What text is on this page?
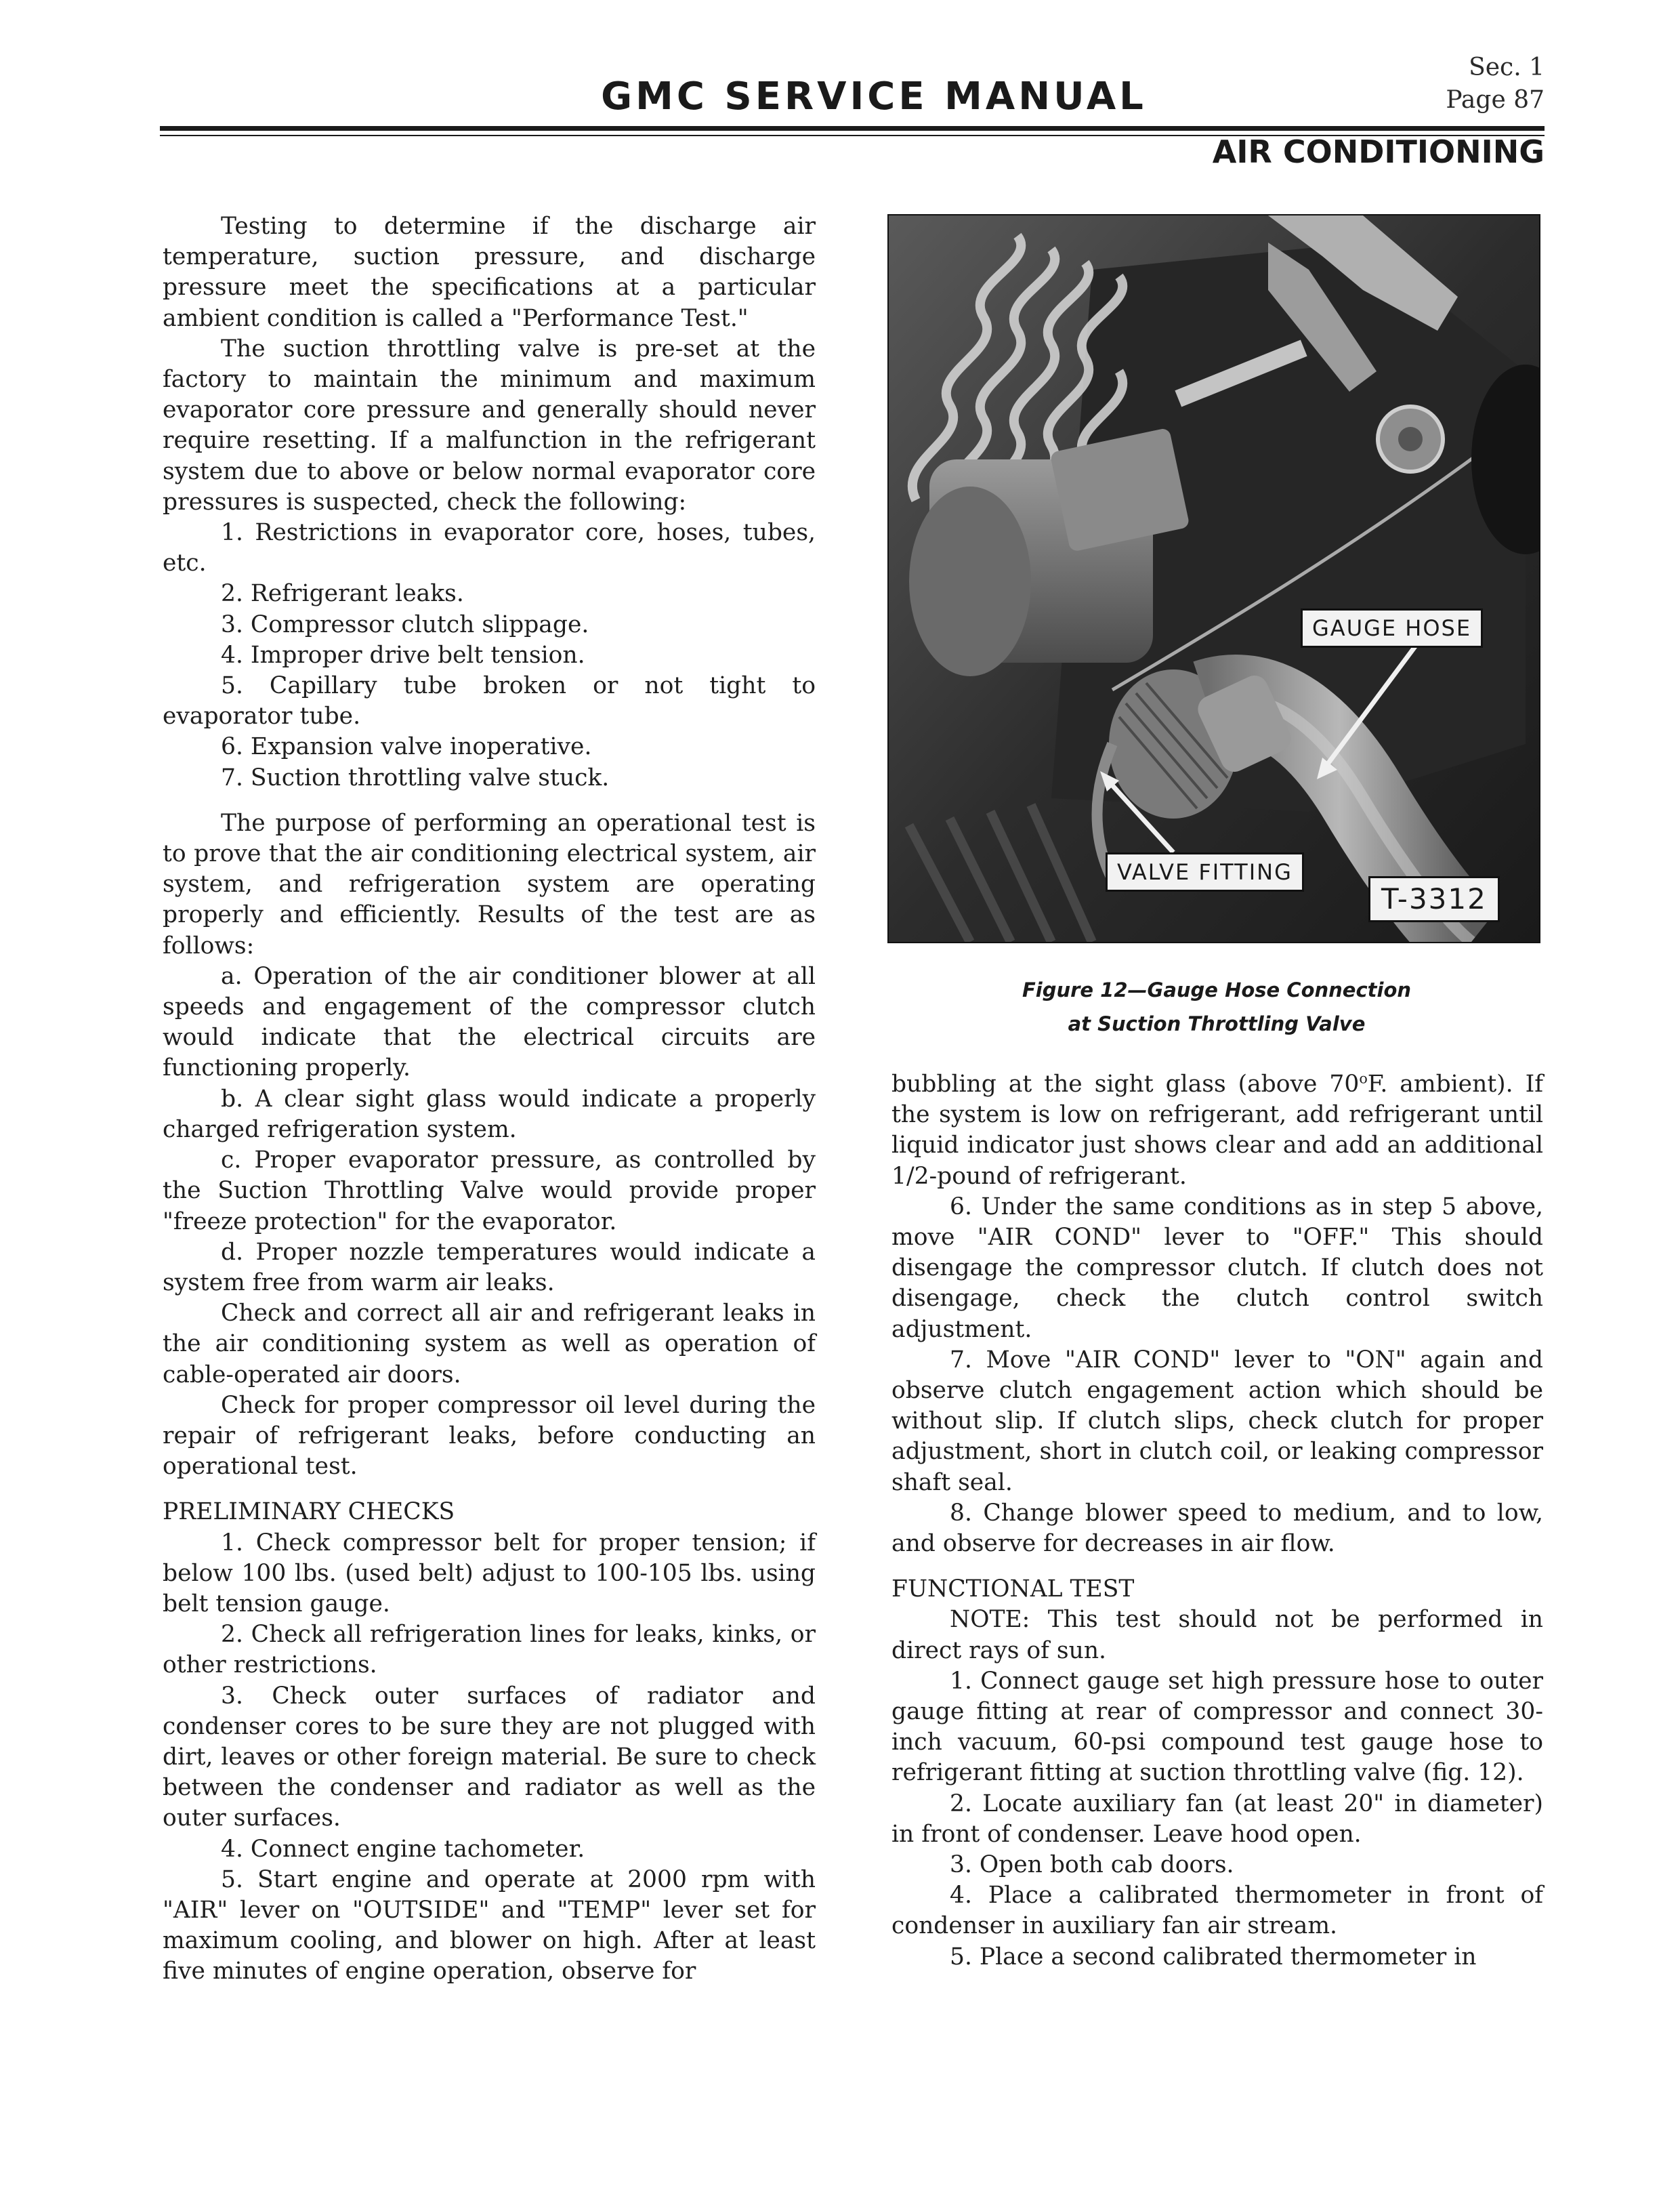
GMC SERVICE MANUAL
Sec. 1
Page 87
AIR CONDITIONING

Testing to determine if the discharge air temperature, suction pressure, and discharge pressure meet the specifications at a particular ambient condition is called a "Performance Test."

The suction throttling valve is pre-set at the factory to maintain the minimum and maximum evaporator core pressure and generally should never require resetting. If a malfunction in the refrigerant system due to above or below normal evaporator core pressures is suspected, check the following:

1. Restrictions in evaporator core, hoses, tubes, etc.

2. Refrigerant leaks.

3. Compressor clutch slippage.

4. Improper drive belt tension.

5. Capillary tube broken or not tight to evaporator tube.

6. Expansion valve inoperative.

7. Suction throttling valve stuck.

The purpose of performing an operational test is to prove that the air conditioning electrical system, air system, and refrigeration system are operating properly and efficiently. Results of the test are as follows:

a. Operation of the air conditioner blower at all speeds and engagement of the compressor clutch would indicate that the electrical circuits are functioning properly.

b. A clear sight glass would indicate a properly charged refrigeration system.

c. Proper evaporator pressure, as controlled by the Suction Throttling Valve would provide proper "freeze protection" for the evaporator.

d. Proper nozzle temperatures would indicate a system free from warm air leaks.

Check and correct all air and refrigerant leaks in the air conditioning system as well as operation of cable-operated air doors.

Check for proper compressor oil level during the repair of refrigerant leaks, before conducting an operational test.

PRELIMINARY CHECKS

1. Check compressor belt for proper tension; if below 100 lbs. (used belt) adjust to 100-105 lbs. using belt tension gauge.

2. Check all refrigeration lines for leaks, kinks, or other restrictions.

3. Check outer surfaces of radiator and condenser cores to be sure they are not plugged with dirt, leaves or other foreign material. Be sure to check between the condenser and radiator as well as the outer surfaces.

4. Connect engine tachometer.

5. Start engine and operate at 2000 rpm with "AIR" lever on "OUTSIDE" and "TEMP" lever set for maximum cooling, and blower on high. After at least five minutes of engine operation, observe for

GAUGE HOSE
VALVE FITTING
T-3312
Figure 12—Gauge Hose Connection
at Suction Throttling Valve

bubbling at the sight glass (above 70$^o$F. ambient). If the system is low on refrigerant, add refrigerant until liquid indicator just shows clear and add an additional 1/2-pound of refrigerant.

6. Under the same conditions as in step 5 above, move "AIR COND" lever to "OFF." This should disengage the compressor clutch. If clutch does not disengage, check the clutch control switch adjustment.

7. Move "AIR COND" lever to "ON" again and observe clutch engagement action which should be without slip. If clutch slips, check clutch for proper adjustment, short in clutch coil, or leaking compressor shaft seal.

8. Change blower speed to medium, and to low, and observe for decreases in air flow.

FUNCTIONAL TEST

NOTE: This test should not be performed in direct rays of sun.

1. Connect gauge set high pressure hose to outer gauge fitting at rear of compressor and connect 30-inch vacuum, 60-psi compound test gauge hose to refrigerant fitting at suction throttling valve (fig. 12).

2. Locate auxiliary fan (at least 20" in diameter) in front of condenser. Leave hood open.

3. Open both cab doors.

4. Place a calibrated thermometer in front of condenser in auxiliary fan air stream.

5. Place a second calibrated thermometer in
